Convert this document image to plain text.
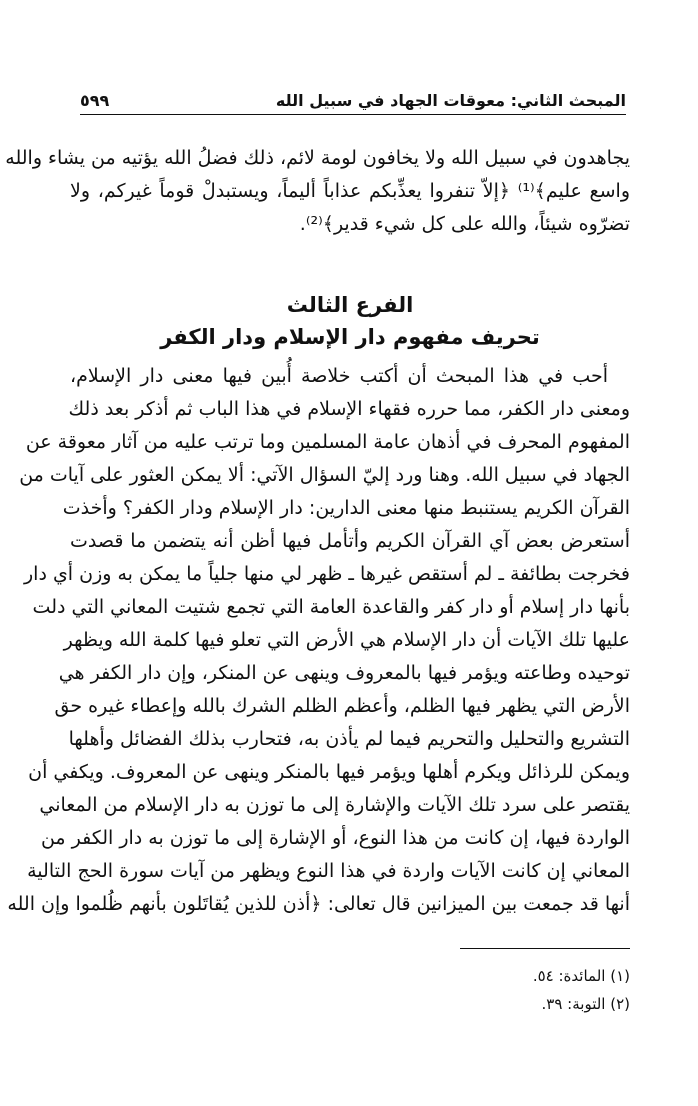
المبحث الثاني: معوقات الجهاد في سبيل الله
٥٩٩
يجاهدون في سبيل الله ولا يخافون لومة لائم، ذلك فضلُ الله يؤتيه من يشاء والله
واسع عليم﴾⁽¹⁾ ﴿إلاّ تنفروا يعذِّبكم عذاباً أليماً، ويستبدلْ قوماً غيركم، ولا
تضرّوه شيئاً، والله على كل شيء قدير﴾⁽²⁾.
الفرع الثالث
تحريف مفهوم دار الإسلام ودار الكفر
أحب في هذا المبحث أن أكتب خلاصة أُبين فيها معنى دار الإسلام،
ومعنى دار الكفر، مما حرره فقهاء الإسلام في هذا الباب ثم أذكر بعد ذلك
المفهوم المحرف في أذهان عامة المسلمين وما ترتب عليه من آثار معوقة عن
الجهاد في سبيل الله. وهنا ورد إليّ السؤال الآتي: ألا يمكن العثور على آيات من
القرآن الكريم يستنبط منها معنى الدارين: دار الإسلام ودار الكفر؟ وأخذت
أستعرض بعض آي القرآن الكريم وأتأمل فيها أظن أنه يتضمن ما قصدت
فخرجت بطائفة ـ لم أستقص غيرها ـ ظهر لي منها جلياً ما يمكن به وزن أي دار
بأنها دار إسلام أو دار كفر والقاعدة العامة التي تجمع شتيت المعاني التي دلت
عليها تلك الآيات أن دار الإسلام هي الأرض التي تعلو فيها كلمة الله ويظهر
توحيده وطاعته ويؤمر فيها بالمعروف وينهى عن المنكر، وإن دار الكفر هي
الأرض التي يظهر فيها الظلم، وأعظم الظلم الشرك بالله وإعطاء غيره حق
التشريع والتحليل والتحريم فيما لم يأذن به، فتحارب بذلك الفضائل وأهلها
ويمكن للرذائل ويكرم أهلها ويؤمر فيها بالمنكر وينهى عن المعروف. ويكفي أن
يقتصر على سرد تلك الآيات والإشارة إلى ما توزن به دار الإسلام من المعاني
الواردة فيها، إن كانت من هذا النوع، أو الإشارة إلى ما توزن به دار الكفر من
المعاني إن كانت الآيات واردة في هذا النوع ويظهر من آيات سورة الحج التالية
أنها قد جمعت بين الميزانين قال تعالى: ﴿أذن للذين يُقاتَلون بأنهم ظُلموا وإن الله
(١) المائدة: ٥٤.
(٢) التوبة: ٣٩.
